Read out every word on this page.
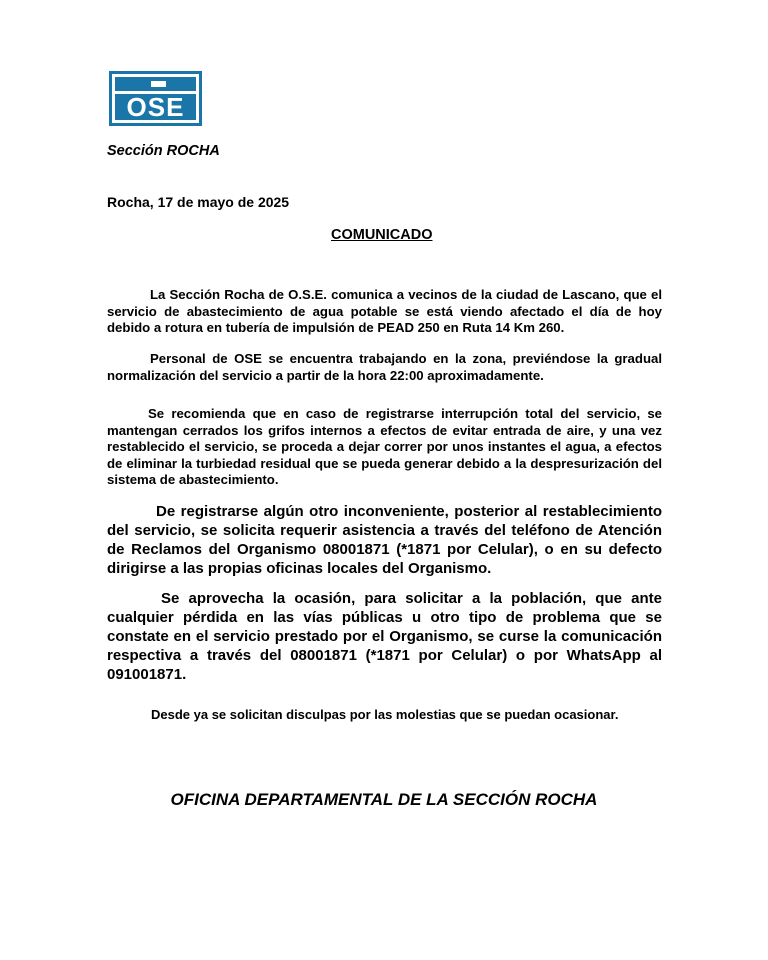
OSE
Sección ROCHA
Rocha, 17 de mayo de 2025
COMUNICADO

La Sección Rocha de O.S.E. comunica a vecinos de la ciudad de Lascano, que el servicio de abastecimiento de agua potable se está viendo afectado el día de hoy debido a rotura en tubería de impulsión de PEAD 250 en Ruta 14 Km 260.

Personal de OSE se encuentra trabajando en la zona, previéndose la gradual normalización del servicio a partir de la hora 22:00 aproximadamente.

Se recomienda que en caso de registrarse interrupción total del servicio, se mantengan cerrados los grifos internos a efectos de evitar entrada de aire, y una vez restablecido el servicio, se proceda a dejar correr por unos instantes el agua, a efectos de eliminar la turbiedad residual que se pueda generar debido a la despresurización del sistema de abastecimiento.

De registrarse algún otro inconveniente, posterior al restablecimiento del servicio, se solicita requerir asistencia a través del teléfono de Atención de Reclamos del Organismo 08001871 (*1871 por Celular), o en su defecto dirigirse a las propias oficinas locales del Organismo.

Se aprovecha la ocasión, para solicitar a la población, que ante cualquier pérdida en las vías públicas u otro tipo de problema que se constate en el servicio prestado por el Organismo, se curse la comunicación respectiva a través del 08001871 (*1871 por Celular) o por WhatsApp al 091001871.

Desde ya se solicitan disculpas por las molestias que se puedan ocasionar.
OFICINA DEPARTAMENTAL DE LA SECCIÓN ROCHA
